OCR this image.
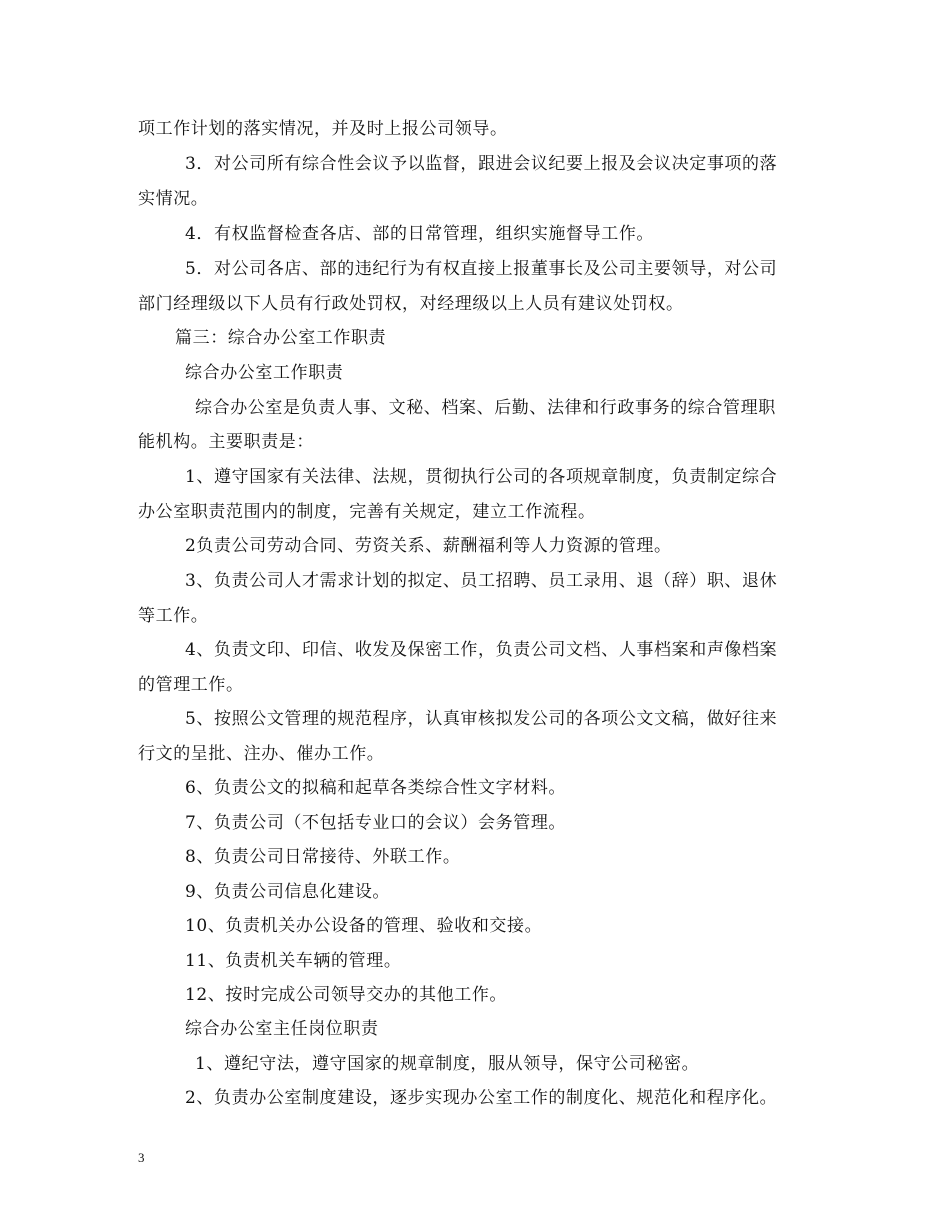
项工作计划的落实情况，并及时上报公司领导。
3．对公司所有综合性会议予以监督，跟进会议纪要上报及会议决定事项的落
实情况。
4．有权监督检查各店、部的日常管理，组织实施督导工作。
5．对公司各店、部的违纪行为有权直接上报董事长及公司主要领导，对公司
部门经理级以下人员有行政处罚权，对经理级以上人员有建议处罚权。
篇三：综合办公室工作职责
综合办公室工作职责
综合办公室是负责人事、文秘、档案、后勤、法律和行政事务的综合管理职
能机构。主要职责是：
1、遵守国家有关法律、法规，贯彻执行公司的各项规章制度，负责制定综合
办公室职责范围内的制度，完善有关规定，建立工作流程。
2负责公司劳动合同、劳资关系、薪酬福利等人力资源的管理。
3、负责公司人才需求计划的拟定、员工招聘、员工录用、退（辞）职、退休
等工作。
4、负责文印、印信、收发及保密工作，负责公司文档、人事档案和声像档案
的管理工作。
5、按照公文管理的规范程序，认真审核拟发公司的各项公文文稿，做好往来
行文的呈批、注办、催办工作。
6、负责公文的拟稿和起草各类综合性文字材料。
7、负责公司（不包括专业口的会议）会务管理。
8、负责公司日常接待、外联工作。
9、负责公司信息化建设。
10、负责机关办公设备的管理、验收和交接。
11、负责机关车辆的管理。
12、按时完成公司领导交办的其他工作。
综合办公室主任岗位职责
1、遵纪守法，遵守国家的规章制度，服从领导，保守公司秘密。
2、负责办公室制度建设，逐步实现办公室工作的制度化、规范化和程序化。
3
